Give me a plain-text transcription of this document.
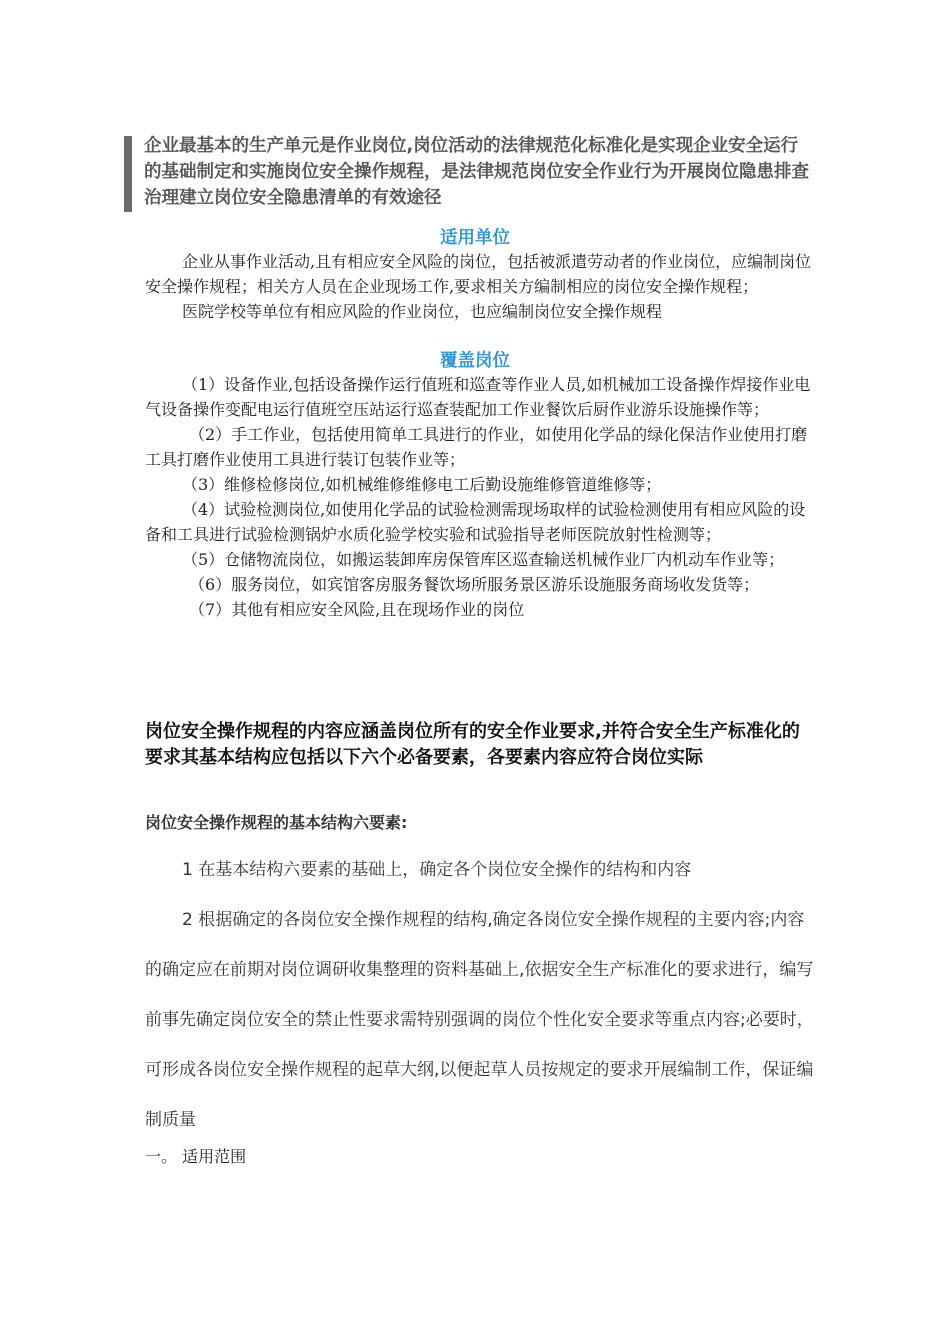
企业最基本的生产单元是作业岗位,岗位活动的法律规范化标准化是实现企业安全运行的基础制定和实施岗位安全操作规程，是法律规范岗位安全作业行为开展岗位隐患排查治理建立岗位安全隐患清单的有效途径
适用单位

企业从事作业活动,且有相应安全风险的岗位，包括被派遣劳动者的作业岗位，应编制岗位安全操作规程；相关方人员在企业现场工作,要求相关方编制相应的岗位安全操作规程；

医院学校等单位有相应风险的作业岗位，也应编制岗位安全操作规程

覆盖岗位

（1）设备作业,包括设备操作运行值班和巡查等作业人员,如机械加工设备操作焊接作业电气设备操作变配电运行值班空压站运行巡查装配加工作业餐饮后厨作业游乐设施操作等；

（2）手工作业，包括使用简单工具进行的作业，如使用化学品的绿化保洁作业使用打磨工具打磨作业使用工具进行装订包装作业等；

（3）维修检修岗位,如机械维修维修电工后勤设施维修管道维修等；

（4）试验检测岗位,如使用化学品的试验检测需现场取样的试验检测使用有相应风险的设备和工具进行试验检测锅炉水质化验学校实验和试验指导老师医院放射性检测等；

（5）仓储物流岗位，如搬运装卸库房保管库区巡查输送机械作业厂内机动车作业等；

（6）服务岗位，如宾馆客房服务餐饮场所服务景区游乐设施服务商场收发货等；

（7）其他有相应安全风险,且在现场作业的岗位

岗位安全操作规程的内容应涵盖岗位所有的安全作业要求,并符合安全生产标准化的要求其基本结构应包括以下六个必备要素，各要素内容应符合岗位实际
岗位安全操作规程的基本结构六要素:

1 在基本结构六要素的基础上，确定各个岗位安全操作的结构和内容

2 根据确定的各岗位安全操作规程的结构,确定各岗位安全操作规程的主要内容;内容的确定应在前期对岗位调研收集整理的资料基础上,依据安全生产标准化的要求进行，编写前事先确定岗位安全的禁止性要求需特别强调的岗位个性化安全要求等重点内容;必要时，可形成各岗位安全操作规程的起草大纲,以便起草人员按规定的要求开展编制工作，保证编制质量

一。 适用范围
